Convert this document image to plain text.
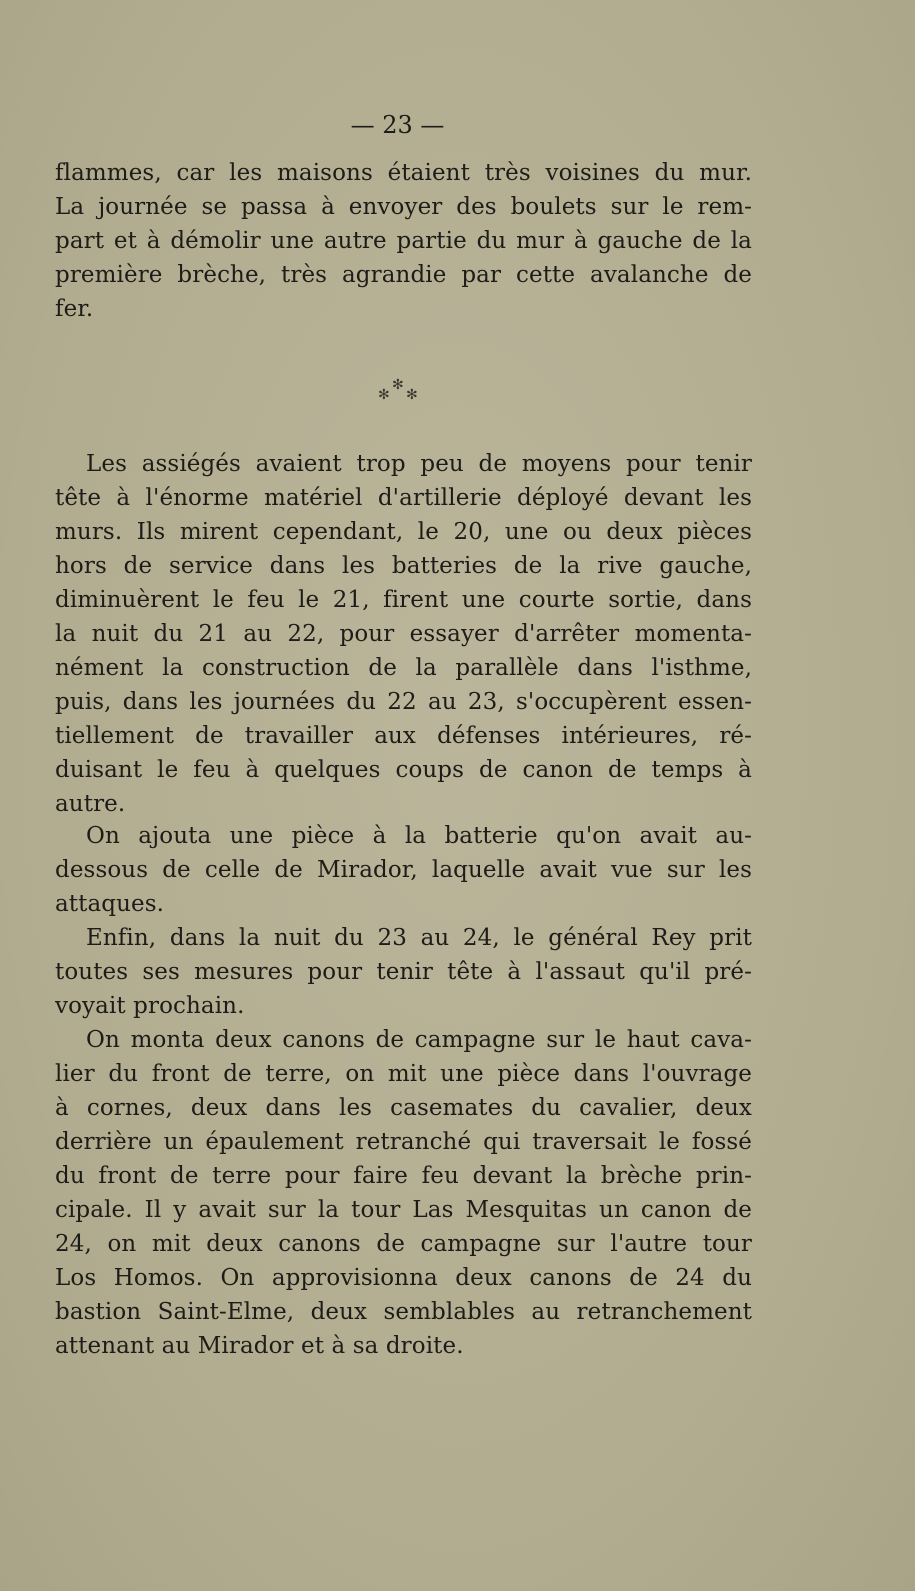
— 23 —
✻
✻ ✻
flammes, car les maisons étaient très voisines du mur.
La journée se passa à envoyer des boulets sur le rem-
part et à démolir une autre partie du mur à gauche de la
première brèche, très agrandie par cette avalanche de
fer.
Les assiégés avaient trop peu de moyens pour tenir
tête à l'énorme matériel d'artillerie déployé devant les
murs. Ils mirent cependant, le 20, une ou deux pièces
hors de service dans les batteries de la rive gauche,
diminuèrent le feu le 21, firent une courte sortie, dans
la nuit du 21 au 22, pour essayer d'arrêter momenta-
nément la construction de la parallèle dans l'isthme,
puis, dans les journées du 22 au 23, s'occupèrent essen-
tiellement de travailler aux défenses intérieures, ré-
duisant le feu à quelques coups de canon de temps à
autre.
On ajouta une pièce à la batterie qu'on avait au-
dessous de celle de Mirador, laquelle avait vue sur les
attaques.
Enfin, dans la nuit du 23 au 24, le général Rey prit
toutes ses mesures pour tenir tête à l'assaut qu'il pré-
voyait prochain.
On monta deux canons de campagne sur le haut cava-
lier du front de terre, on mit une pièce dans l'ouvrage
à cornes, deux dans les casemates du cavalier, deux
derrière un épaulement retranché qui traversait le fossé
du front de terre pour faire feu devant la brèche prin-
cipale. Il y avait sur la tour Las Mesquitas un canon de
24, on mit deux canons de campagne sur l'autre tour
Los Homos. On approvisionna deux canons de 24 du
bastion Saint-Elme, deux semblables au retranchement
attenant au Mirador et à sa droite.
